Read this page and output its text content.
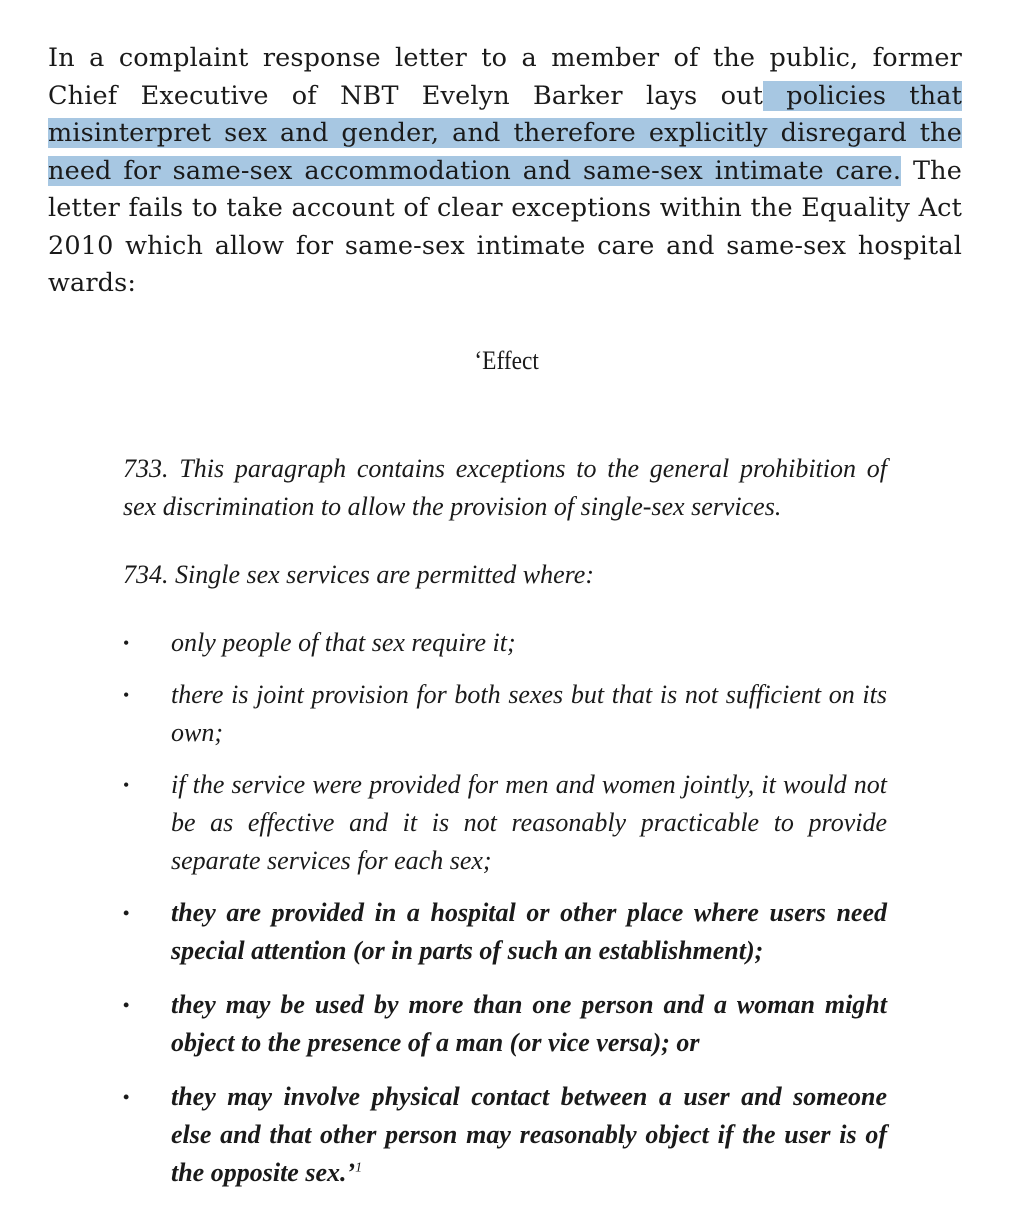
In a complaint response letter to a member of the public, former Chief Executive of NBT Evelyn Barker lays out policies that misinterpret sex and gender, and therefore explicitly disregard the need for same-sex accommodation and same-sex intimate care. The letter fails to take account of clear exceptions within the Equality Act 2010 which allow for same-sex intimate care and same-sex hospital wards:

‘Effect

733. This paragraph contains exceptions to the general prohibition of sex discrimination to allow the provision of single-sex services.

734. Single sex services are permitted where:

• only people of that sex require it;
• there is joint provision for both sexes but that is not sufficient on its own;
• if the service were provided for men and women jointly, it would not be as effective and it is not reasonably practicable to provide separate services for each sex;
• they are provided in a hospital or other place where users need special attention (or in parts of such an establishment);
• they may be used by more than one person and a woman might object to the presence of a man (or vice versa); or
• they may involve physical contact between a user and someone else and that other person may reasonably object if the user is of the opposite sex.’$^1$
